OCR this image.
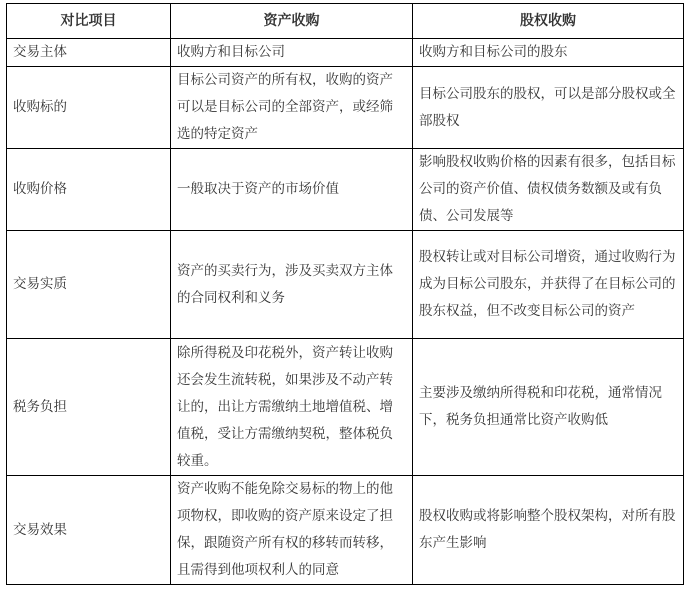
对比项目	资产收购	股权收购
交易主体	收购方和目标公司	收购方和目标公司的股东
收购标的	目标公司资产的所有权，收购的资产可以是目标公司的全部资产，或经筛选的特定资产	目标公司股东的股权，可以是部分股权或全部股权
收购价格	一般取决于资产的市场价值	影响股权收购价格的因素有很多，包括目标公司的资产价值、债权债务数额及或有负债、公司发展等
交易实质	资产的买卖行为，涉及买卖双方主体的合同权利和义务	股权转让或对目标公司增资，通过收购行为成为目标公司股东，并获得了在目标公司的股东权益，但不改变目标公司的资产
税务负担	除所得税及印花税外，资产转让收购还会发生流转税，如果涉及不动产转让的，出让方需缴纳土地增值税、增值税，受让方需缴纳契税，整体税负较重。	主要涉及缴纳所得税和印花税，通常情况下，税务负担通常比资产收购低
交易效果	资产收购不能免除交易标的物上的他项物权，即收购的资产原来设定了担保，跟随资产所有权的移转而转移，且需得到他项权利人的同意	股权收购或将影响整个股权架构，对所有股东产生影响
